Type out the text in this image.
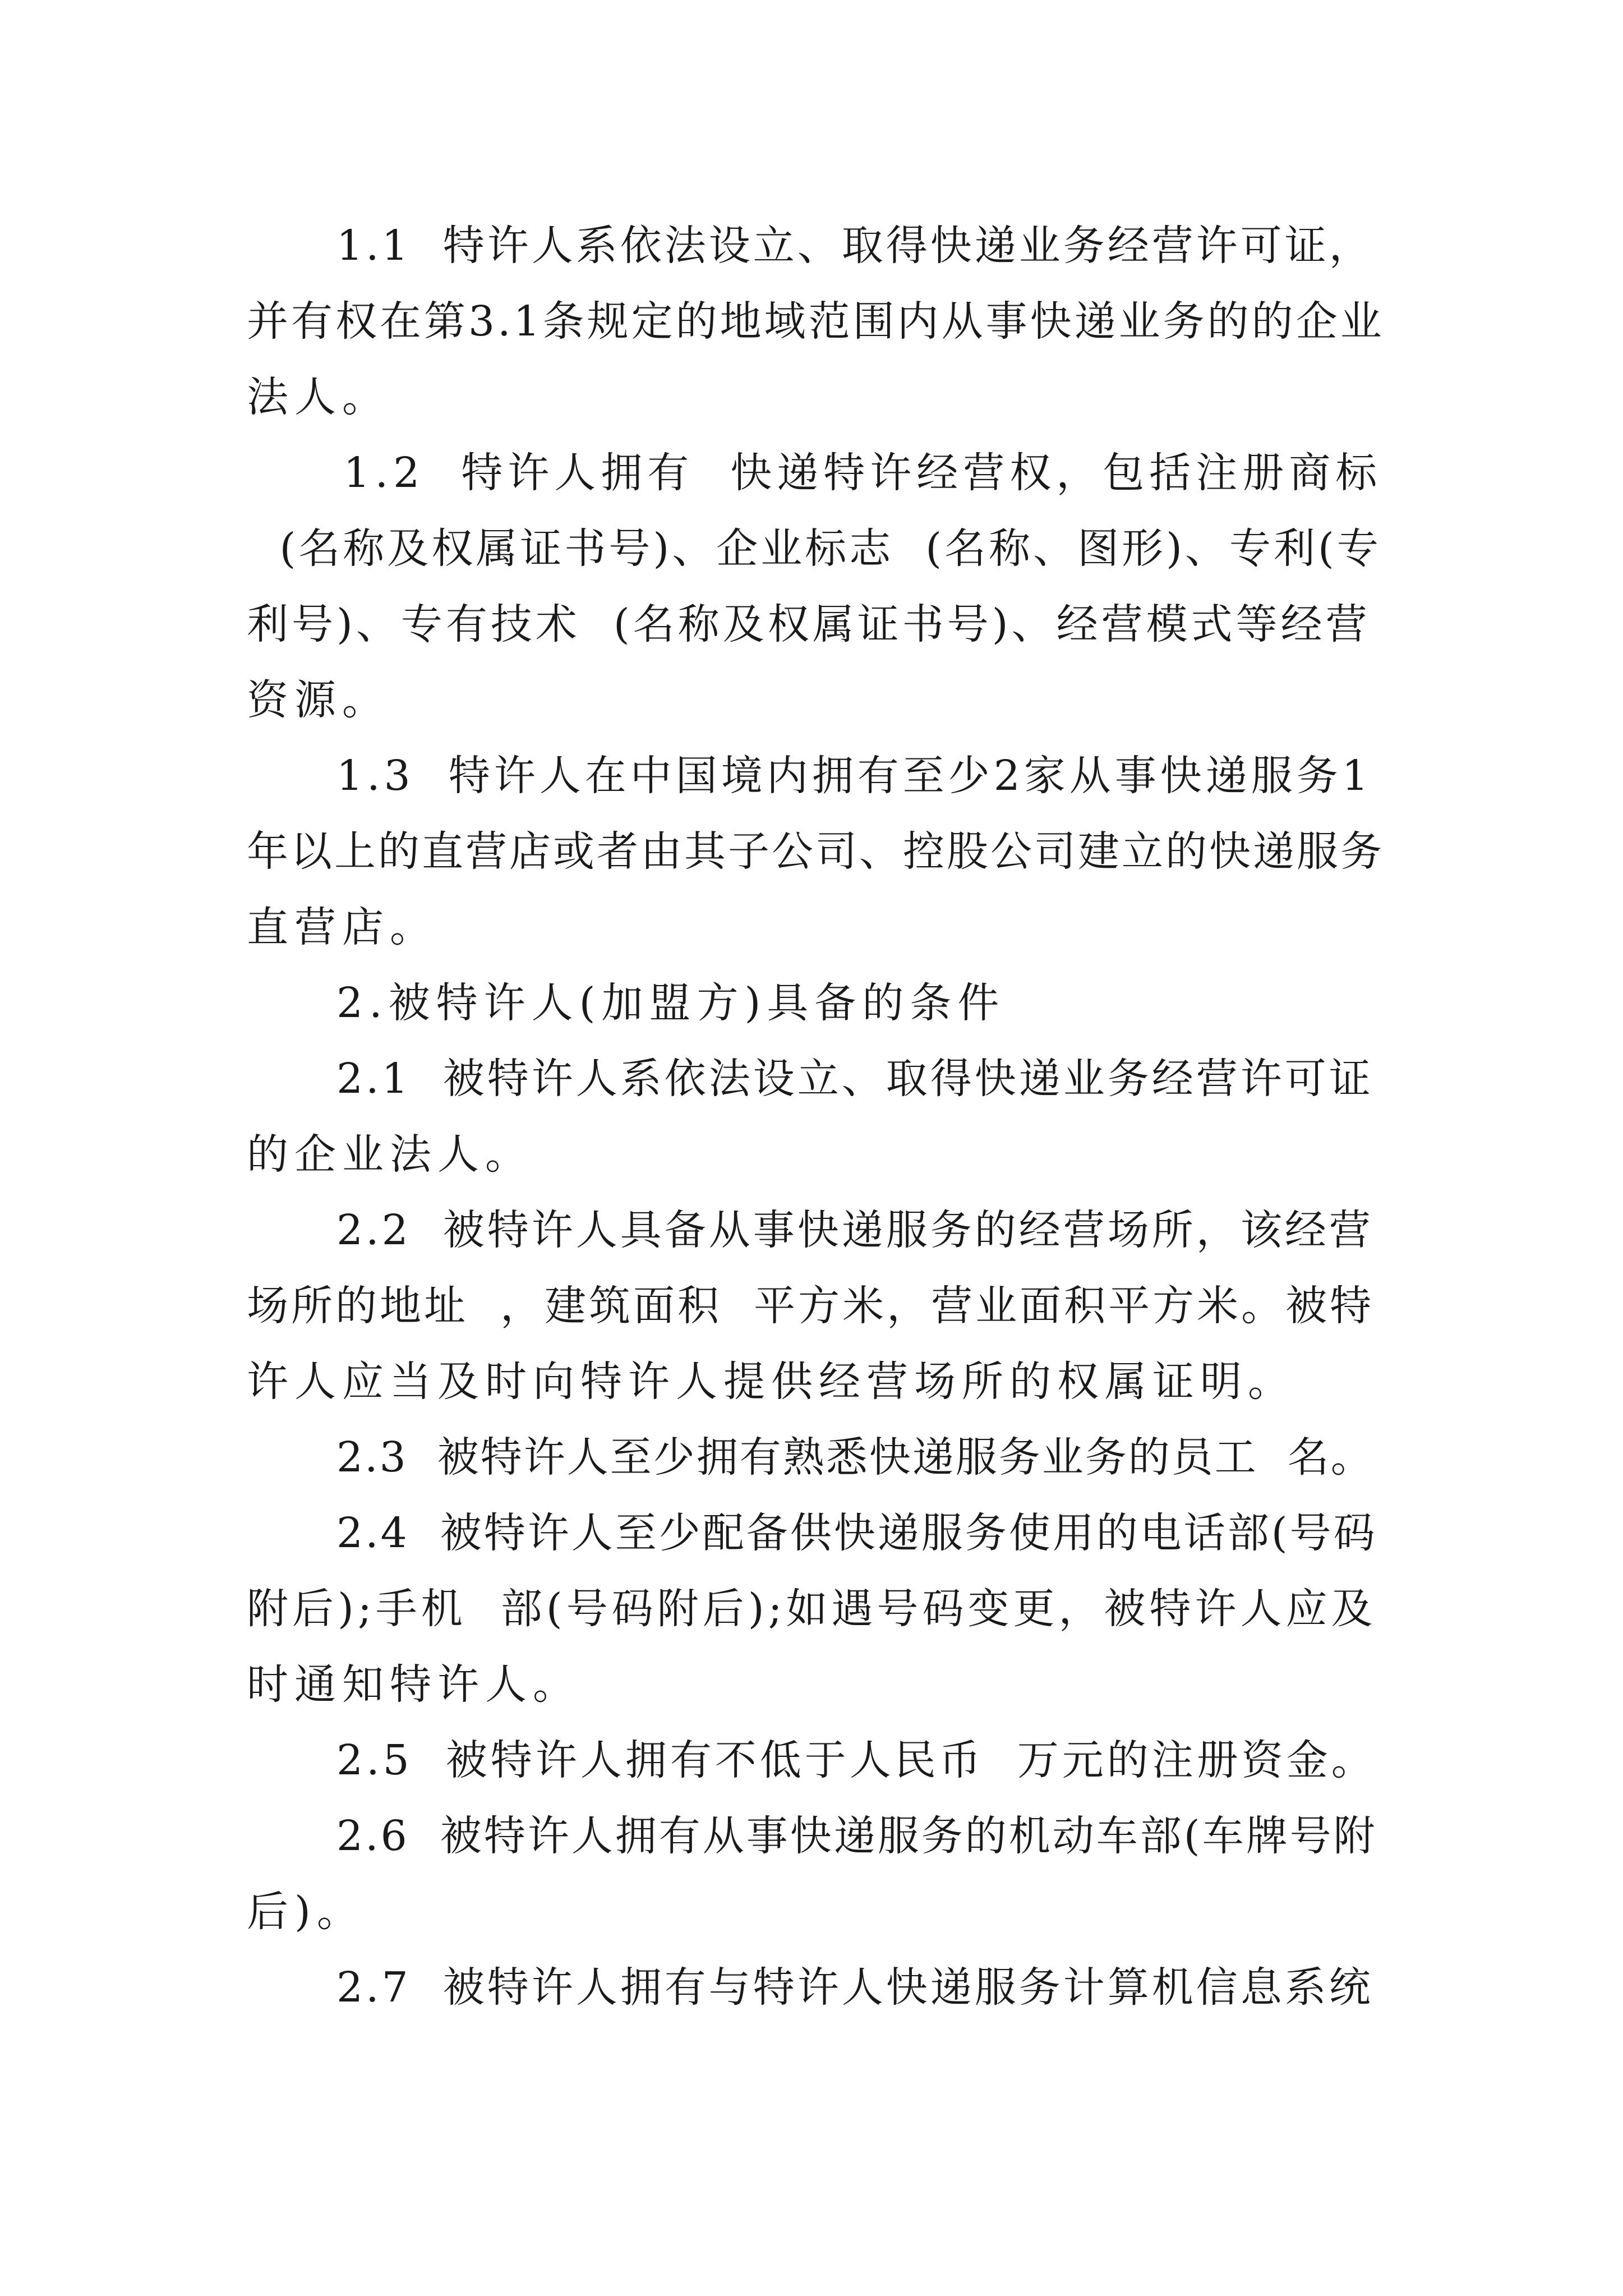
1.1  特许人系依法设立、取得快递业务经营许可证，
并有权在第3.1条规定的地域范围内从事快递业务的的企业
法人。
1.2  特许人拥有  快递特许经营权，包括注册商标
(名称及权属证书号)、企业标志  (名称、图形)、专利(专
利号)、专有技术  (名称及权属证书号)、经营模式等经营
资源。
1.3  特许人在中国境内拥有至少2家从事快递服务1
年以上的直营店或者由其子公司、控股公司建立的快递服务
直营店。
2.被特许人(加盟方)具备的条件
2.1  被特许人系依法设立、取得快递业务经营许可证
的企业法人。
2.2  被特许人具备从事快递服务的经营场所，该经营
场所的地址  ，建筑面积  平方米，营业面积平方米。被特
许人应当及时向特许人提供经营场所的权属证明。
2.3  被特许人至少拥有熟悉快递服务业务的员工  名。
2.4  被特许人至少配备供快递服务使用的电话部(号码
附后);手机  部(号码附后);如遇号码变更，被特许人应及
时通知特许人。
2.5  被特许人拥有不低于人民币  万元的注册资金。
2.6  被特许人拥有从事快递服务的机动车部(车牌号附
后)。
2.7  被特许人拥有与特许人快递服务计算机信息系统
